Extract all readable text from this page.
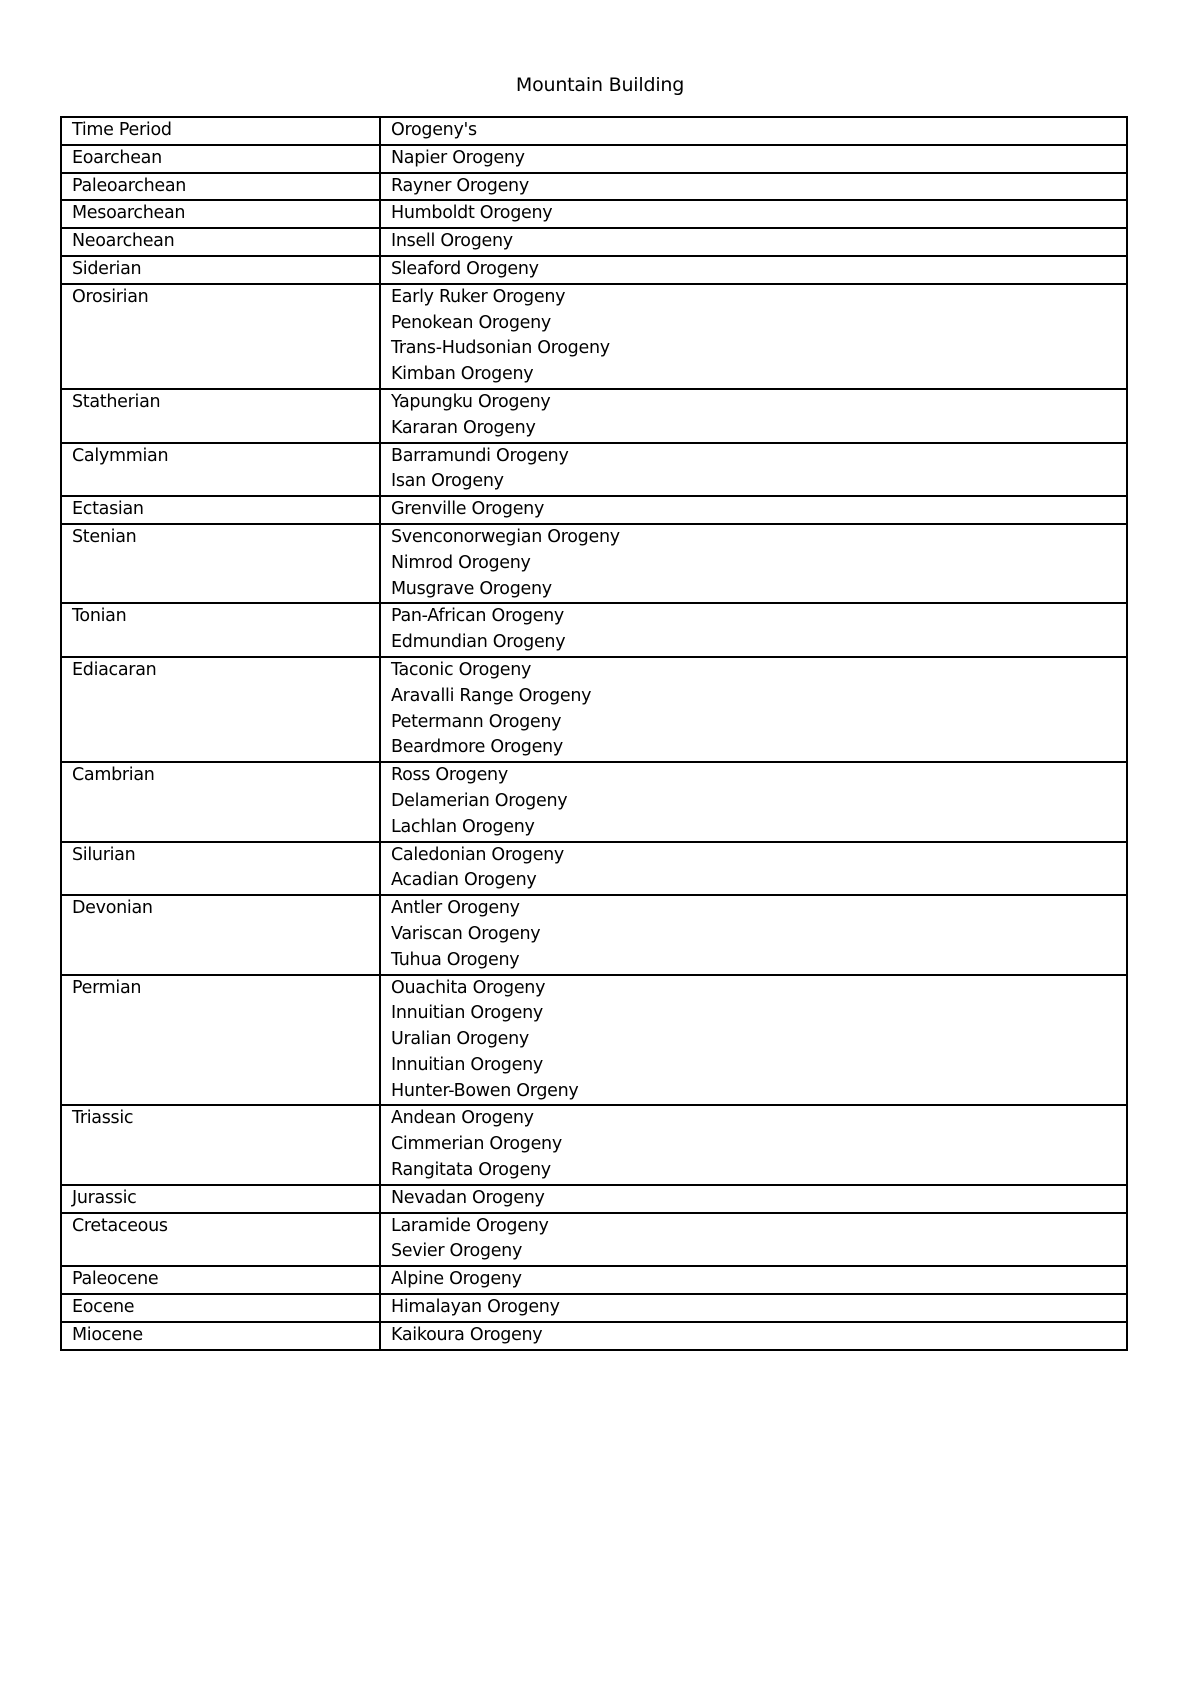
Mountain Building
Time Period	Orogeny's
Eoarchean	Napier Orogeny

Paleoarchean	Rayner Orogeny

Mesoarchean	Humboldt Orogeny

Neoarchean	Insell Orogeny

Siderian	Sleaford Orogeny

Orosirian	Early Ruker Orogeny
Penokean Orogeny
Trans-Hudsonian Orogeny
Kimban Orogeny

Statherian	Yapungku Orogeny
Kararan Orogeny

Calymmian	Barramundi Orogeny
Isan Orogeny

Ectasian	Grenville Orogeny

Stenian	Svenconorwegian Orogeny
Nimrod Orogeny
Musgrave Orogeny

Tonian	Pan-African Orogeny
Edmundian Orogeny

Ediacaran	Taconic Orogeny
Aravalli Range Orogeny
Petermann Orogeny
Beardmore Orogeny

Cambrian	Ross Orogeny
Delamerian Orogeny
Lachlan Orogeny

Silurian	Caledonian Orogeny
Acadian Orogeny

Devonian	Antler Orogeny
Variscan Orogeny
Tuhua Orogeny

Permian	Ouachita Orogeny
Innuitian Orogeny
Uralian Orogeny
Innuitian Orogeny
Hunter-Bowen Orgeny

Triassic	Andean Orogeny
Cimmerian Orogeny
Rangitata Orogeny

Jurassic	Nevadan Orogeny

Cretaceous	Laramide Orogeny
Sevier Orogeny

Paleocene	Alpine Orogeny

Eocene	Himalayan Orogeny

Miocene	Kaikoura Orogeny
